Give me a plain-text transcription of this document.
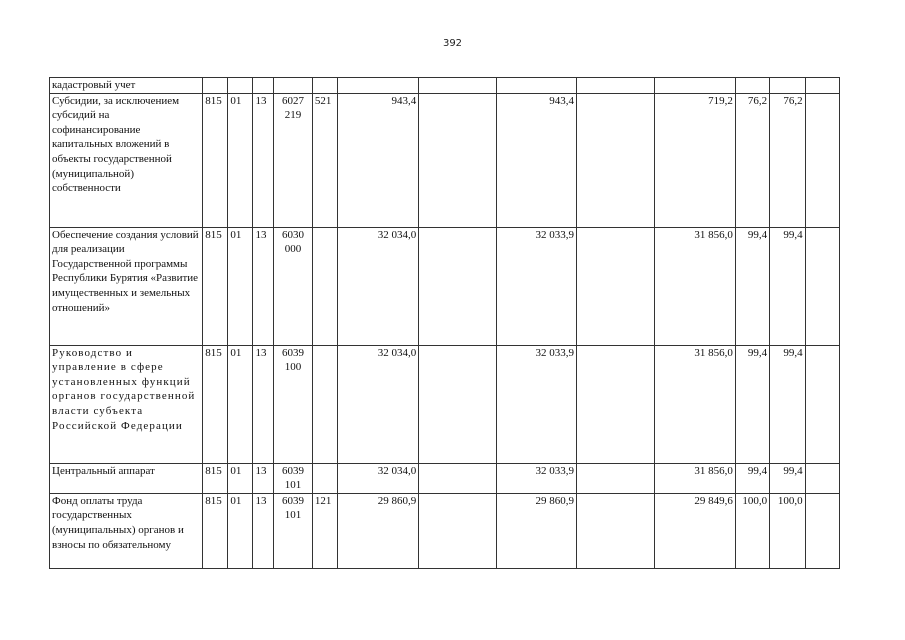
392
кадастровый учет													
Субсидии, за исключением субсидий на софинансирование капитальных вложений в объекты государственной (муниципальной) собственности	815	01	13	6027 219	521	943,4		943,4		719,2	76,2	76,2	
Обеспечение создания условий для реализации Государственной программы Республики Бурятия «Развитие имущественных и земельных отношений»	815	01	13	6030 000		32 034,0		32 033,9		31 856,0	99,4	99,4	
Руководство и управление в сфере установленных функций органов государственной власти субъекта Российской Федерации	815	01	13	6039 100		32 034,0		32 033,9		31 856,0	99,4	99,4	
Центральный аппарат	815	01	13	6039 101		32 034,0		32 033,9		31 856,0	99,4	99,4	
Фонд оплаты труда государственных (муниципальных) органов и взносы по обязательному	815	01	13	6039 101	121	29 860,9		29 860,9		29 849,6	100,0	100,0	
